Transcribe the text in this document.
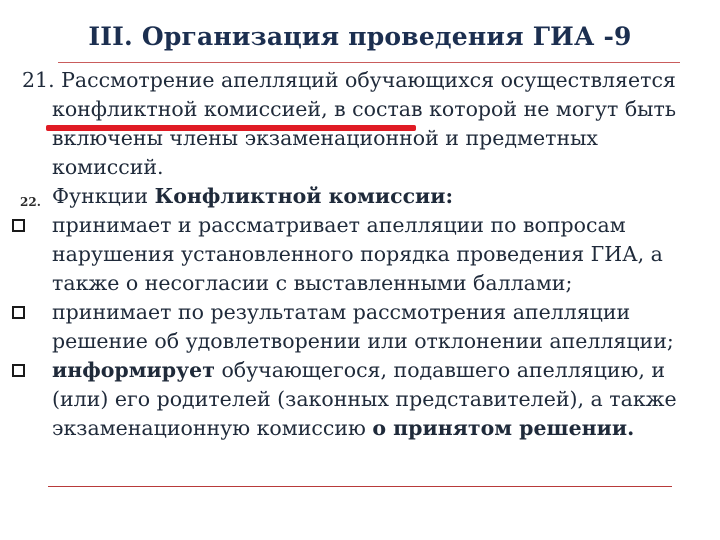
III. Организация проведения ГИА -9
21. Рассмотрение апелляций обучающихся осуществляется конфликтной комиссией, в состав которой не могут быть включены члены экзаменационной и предметных комиссий.
22. Функции Конфликтной комиссии:
принимает и рассматривает апелляции по вопросам нарушения установленного порядка проведения ГИА, а также о несогласии с выставленными баллами;
принимает по результатам рассмотрения апелляции решение об удовлетворении или отклонении апелляции;
информирует обучающегося, подавшего апелляцию, и (или) его родителей (законных представителей), а также экзаменационную комиссию о принятом решении.
